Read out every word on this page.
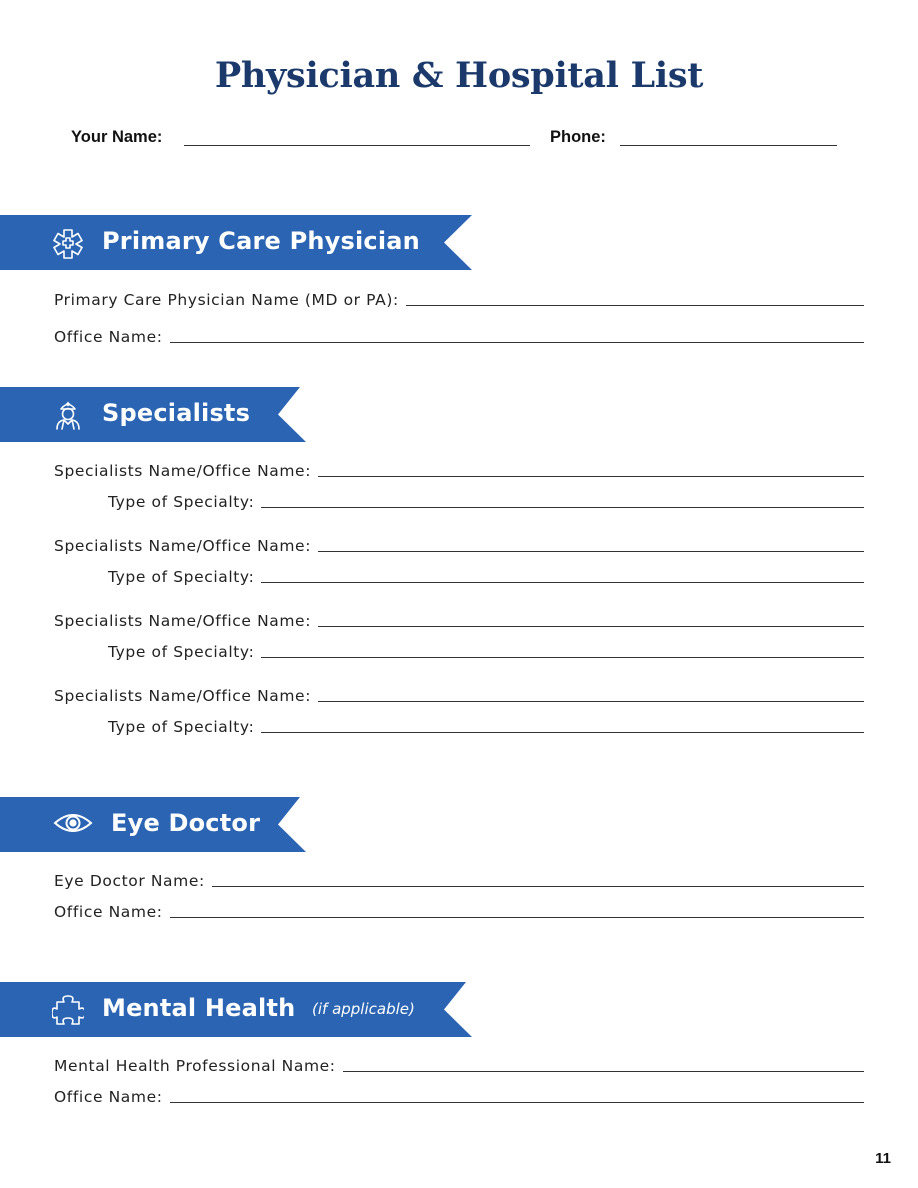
Physician & Hospital List
Your Name:	Phone:
Primary Care Physician
Primary Care Physician Name (MD or PA):
Office Name:
Specialists
Specialists Name/Office Name:
Type of Specialty:
Specialists Name/Office Name:
Type of Specialty:
Specialists Name/Office Name:
Type of Specialty:
Specialists Name/Office Name:
Type of Specialty:
Eye Doctor
Eye Doctor Name:
Office Name:
Mental Health (if applicable)
Mental Health Professional Name:
Office Name:
11
